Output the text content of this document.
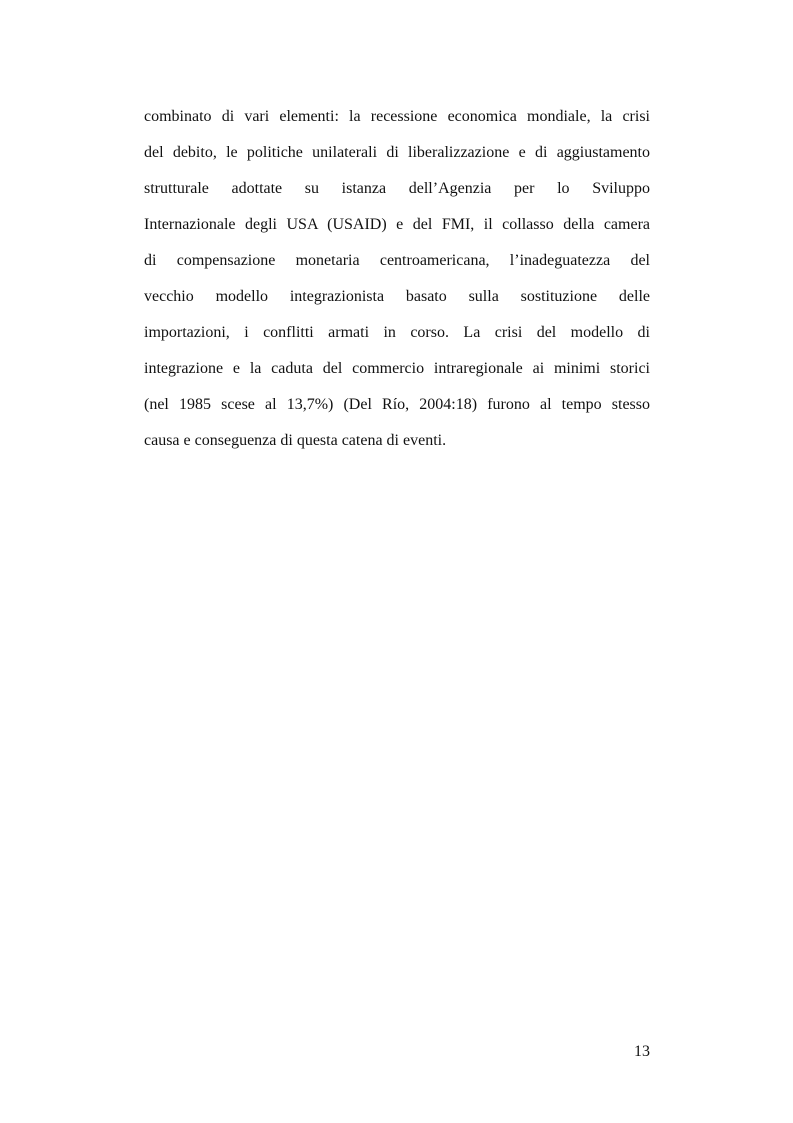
combinato di vari elementi: la recessione economica mondiale, la crisi
del debito, le politiche unilaterali di liberalizzazione e di aggiustamento
strutturale adottate su istanza dell’Agenzia per lo Sviluppo
Internazionale degli USA (USAID) e del FMI, il collasso della camera
di compensazione monetaria centroamericana, l’inadeguatezza del
vecchio modello integrazionista basato sulla sostituzione delle
importazioni, i conflitti armati in corso. La crisi del modello di
integrazione e la caduta del commercio intraregionale ai minimi storici
(nel 1985 scese al 13,7%) (Del Río, 2004:18) furono al tempo stesso
causa e conseguenza di questa catena di eventi.
13
